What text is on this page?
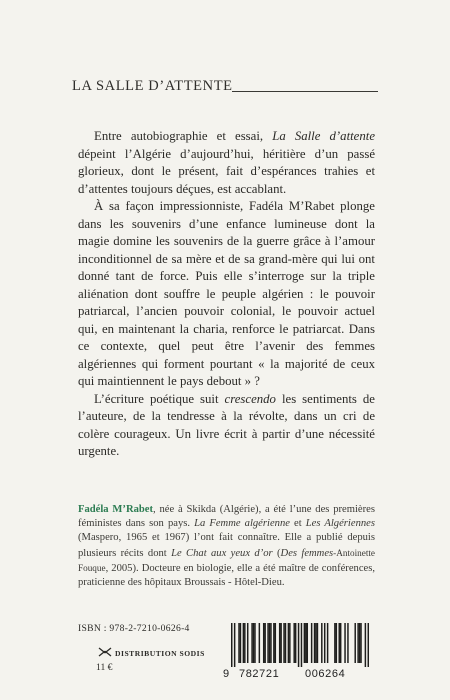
LA SALLE D’ATTENTE

Entre autobiographie et essai, La Salle d’attente dépeint l’Algérie d’aujourd’hui, héritière d’un passé glorieux, dont le présent, fait d’espérances trahies et d’attentes toujours déçues, est accablant.

À sa façon impressionniste, Fadéla M’Rabet plonge dans les souvenirs d’une enfance lumineuse dont la magie domine les souvenirs de la guerre grâce à l’amour inconditionnel de sa mère et de sa grand-mère qui lui ont donné tant de force. Puis elle s’interroge sur la triple aliénation dont souffre le peuple algérien : le pouvoir patriarcal, l’ancien pouvoir colonial, le pouvoir actuel qui, en maintenant la charia, renforce le patriarcat. Dans ce contexte, quel peut être l’avenir des femmes algériennes qui forment pourtant « la majorité de ceux qui maintiennent le pays debout » ?

L’écriture poétique suit crescendo les sentiments de l’auteure, de la tendresse à la révolte, dans un cri de colère courageux. Un livre écrit à partir d’une nécessité urgente.

Fadéla M’Rabet, née à Skikda (Algérie), a été l’une des premières féministes dans son pays. La Femme algérienne et Les Algériennes (Maspero, 1965 et 1967) l’ont fait connaître. Elle a publié depuis plusieurs récits dont Le Chat aux yeux d’or (Des femmes-Antoinette Fouque, 2005). Docteure en biologie, elle a été maître de conférences, praticienne des hôpitaux Broussais - Hôtel-Dieu.

ISBN : 978-2-7210-0626-4
DISTRIBUTION SODIS
11 €
9 782721 006264
